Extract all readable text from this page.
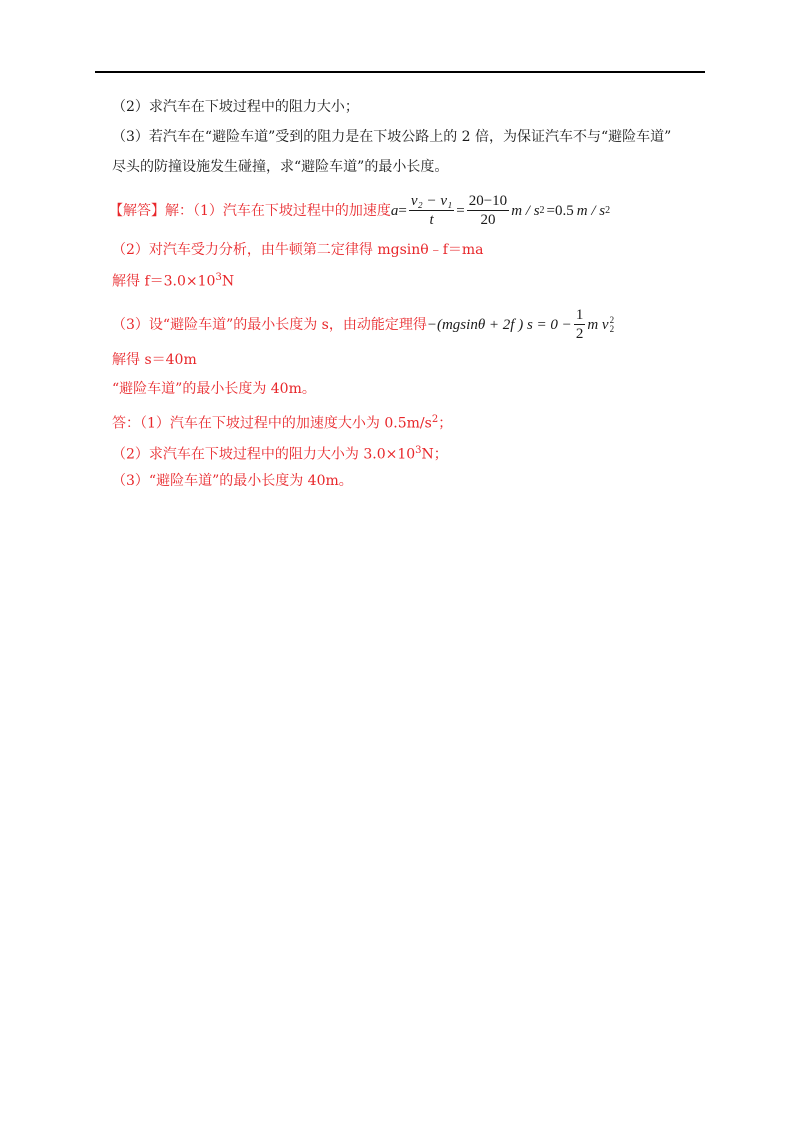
（2）求汽车在下坡过程中的阻力大小；
（3）若汽车在“避险车道”受到的阻力是在下坡公路上的 2 倍，为保证汽车不与“避险车道”
尽头的防撞设施发生碰撞，求“避险车道”的最小长度。
【解答】 解：（1）汽车在下坡过程中的加速度 $a = \frac{\text{v₂ − v₁}}{t} = \frac{20-10}{20}$ m / s 2 =0.5 m / s 2
（2）对汽车受力分析，由牛顿第二定律得 mgsinθ﹣f＝ma
解得 $f=3.0\times 10^3N$
（3）设“避险车道”的最小长度为 s，由动能定理得 −(mgsinθ + 2f ) $s = 0 - \frac{1}{2}$ m v 2
2
解得 s＝40m
“避险车道”的最小长度为 40m。
答：（1）汽车在下坡过程中的加速度大小为 $0.5m/s^2$；
（2）求汽车在下坡过程中的阻力大小为 $3.0\times 10^3N$；
（3）“避险车道”的最小长度为 40m。
